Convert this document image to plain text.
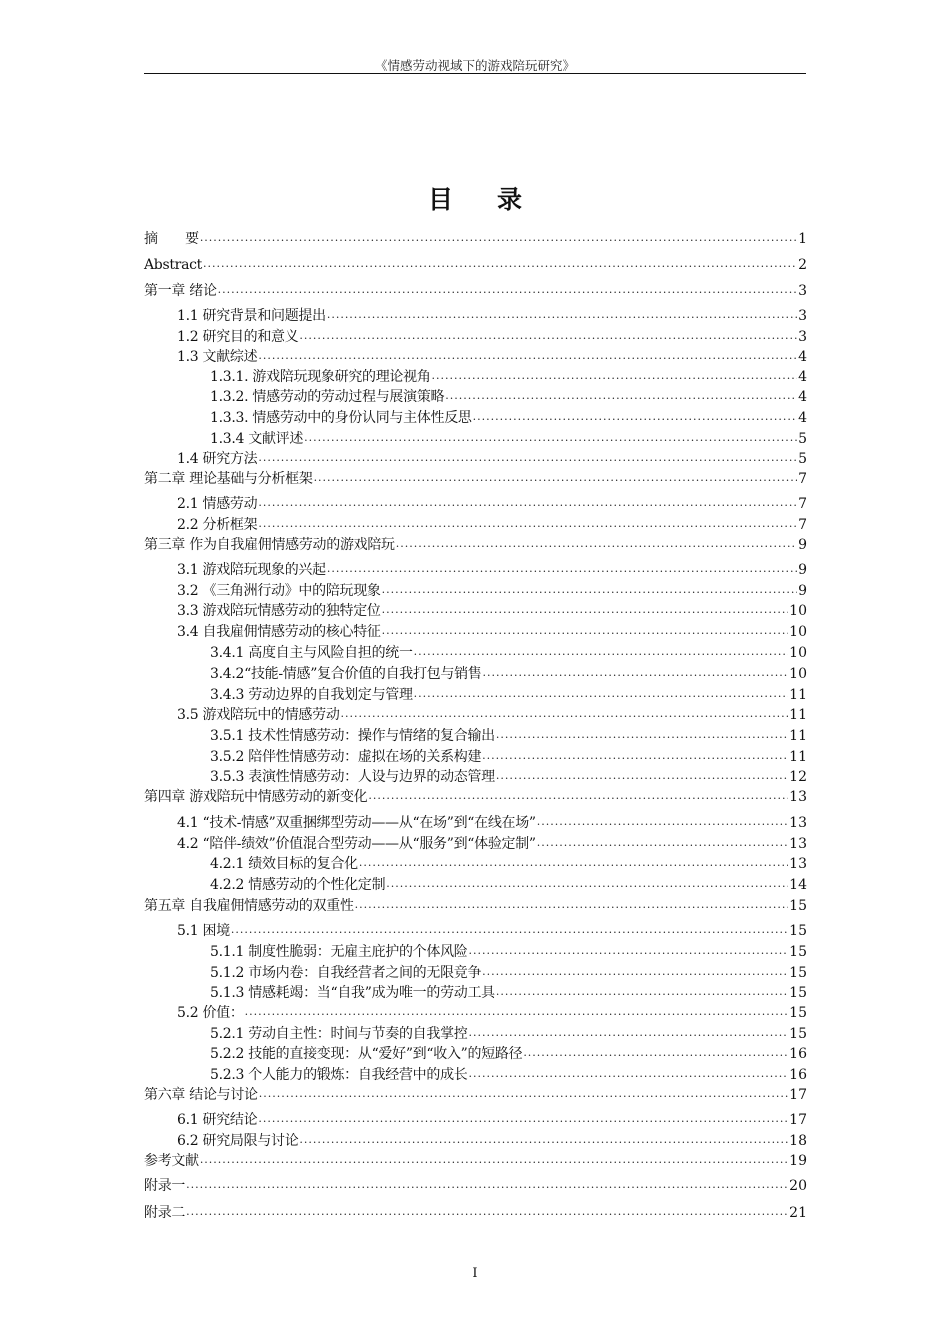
《情感劳动视域下的游戏陪玩研究》
目录
摘　　要 .....	1
Abstract .....	2
第一章 绪论 .....	3
1.1 研究背景和问题提出 .....	3
1.2 研究目的和意义 .....	3
1.3 文献综述 .....	4
1.3.1. 游戏陪玩现象研究的理论视角 .....	4
1.3.2. 情感劳动的劳动过程与展演策略 .....	4
1.3.3. 情感劳动中的身份认同与主体性反思 .....	4
1.3.4 文献评述 .....	5
1.4 研究方法 .....	5
第二章 理论基础与分析框架 .....	7
2.1 情感劳动 .....	7
2.2 分析框架 .....	7
第三章 作为自我雇佣情感劳动的游戏陪玩 .....	9
3.1 游戏陪玩现象的兴起 .....	9
3.2 《三角洲行动》中的陪玩现象 .....	9
3.3 游戏陪玩情感劳动的独特定位 .....	10
3.4 自我雇佣情感劳动的核心特征 .....	10
3.4.1 高度自主与风险自担的统一 .....	10
3.4.2“技能-情感”复合价值的自我打包与销售 .....	10
3.4.3 劳动边界的自我划定与管理 .....	11
3.5 游戏陪玩中的情感劳动 .....	11
3.5.1 技术性情感劳动：操作与情绪的复合输出 .....	11
3.5.2 陪伴性情感劳动：虚拟在场的关系构建 .....	11
3.5.3 表演性情感劳动：人设与边界的动态管理 .....	12
第四章 游戏陪玩中情感劳动的新变化 .....	13
4.1 “技术-情感”双重捆绑型劳动——从“在场”到“在线在场” .....	13
4.2 “陪伴-绩效”价值混合型劳动——从“服务”到“体验定制” .....	13
4.2.1 绩效目标的复合化 .....	13
4.2.2 情感劳动的个性化定制 .....	14
第五章 自我雇佣情感劳动的双重性 .....	15
5.1 困境 .....	15
5.1.1 制度性脆弱：无雇主庇护的个体风险 .....	15
5.1.2 市场内卷：自我经营者之间的无限竞争 .....	15
5.1.3 情感耗竭：当“自我”成为唯一的劳动工具 .....	15
5.2 价值： .....	15
5.2.1 劳动自主性：时间与节奏的自我掌控 .....	15
5.2.2 技能的直接变现：从“爱好”到“收入”的短路径 .....	16
5.2.3 个人能力的锻炼：自我经营中的成长 .....	16
第六章 结论与讨论 .....	17
6.1 研究结论 .....	17
6.2 研究局限与讨论 .....	18
参考文献 .....	19
附录一 .....	20
附录二 .....	21
I
